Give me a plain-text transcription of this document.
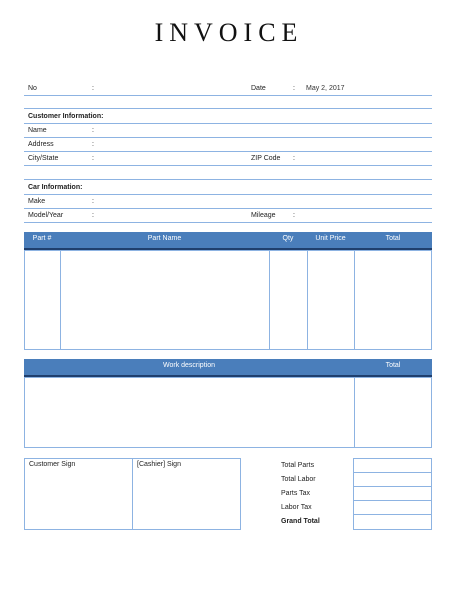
INVOICE
No	:	Date	: May 2, 2017
Customer Information:
Name	:
Address	:
City/State	:	ZIP Code :
Car Information:
Make	:
Model/Year	:	Mileage :
Part #	Part Name	Qty	Unit Price	Total
Work description	Total
Customer Sign	[Cashier] Sign	Total Parts
Total Labor
Parts Tax
Labor Tax
Grand Total
